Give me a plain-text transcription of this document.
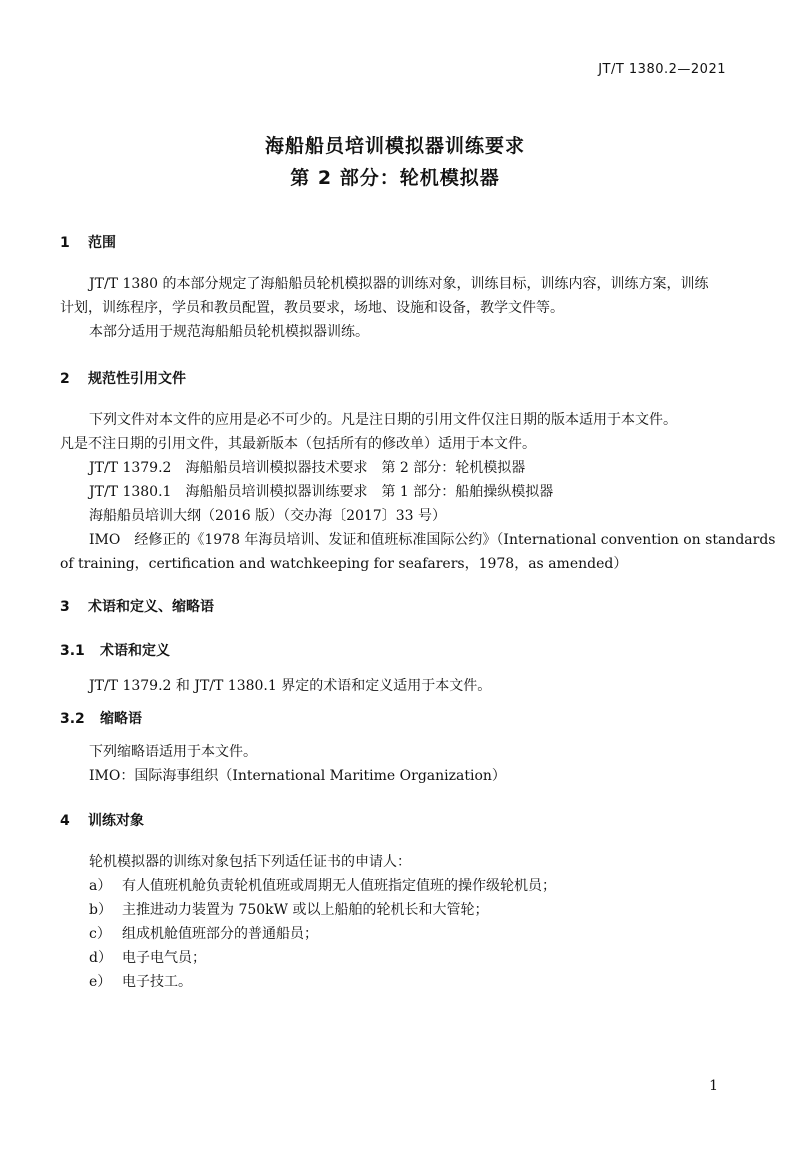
JT/T 1380.2—2021
海船船员培训模拟器训练要求
第 2 部分：轮机模拟器
1 范围
JT/T 1380 的本部分规定了海船船员轮机模拟器的训练对象，训练目标，训练内容，训练方案，训练
计划，训练程序，学员和教员配置，教员要求，场地、设施和设备，教学文件等。
本部分适用于规范海船船员轮机模拟器训练。
2 规范性引用文件
下列文件对本文件的应用是必不可少的。凡是注日期的引用文件仅注日期的版本适用于本文件。
凡是不注日期的引用文件，其最新版本（包括所有的修改单）适用于本文件。
JT/T 1379.2　海船船员培训模拟器技术要求　第 2 部分：轮机模拟器
JT/T 1380.1　海船船员培训模拟器训练要求　第 1 部分：船舶操纵模拟器
海船船员培训大纲（2016 版）（交办海〔2017〕33 号）
IMO　经修正的《1978 年海员培训、发证和值班标准国际公约》（International convention on standards
of training，certification and watchkeeping for seafarers，1978，as amended）
3 术语和定义、缩略语
3.1 术语和定义
JT/T 1379.2 和 JT/T 1380.1 界定的术语和定义适用于本文件。
3.2 缩略语
下列缩略语适用于本文件。
IMO：国际海事组织（International Maritime Organization）
4 训练对象
轮机模拟器的训练对象包括下列适任证书的申请人：
a） 有人值班机舱负责轮机值班或周期无人值班指定值班的操作级轮机员；
b） 主推进动力装置为 750kW 或以上船舶的轮机长和大管轮；
c） 组成机舱值班部分的普通船员；
d） 电子电气员；
e） 电子技工。
1
